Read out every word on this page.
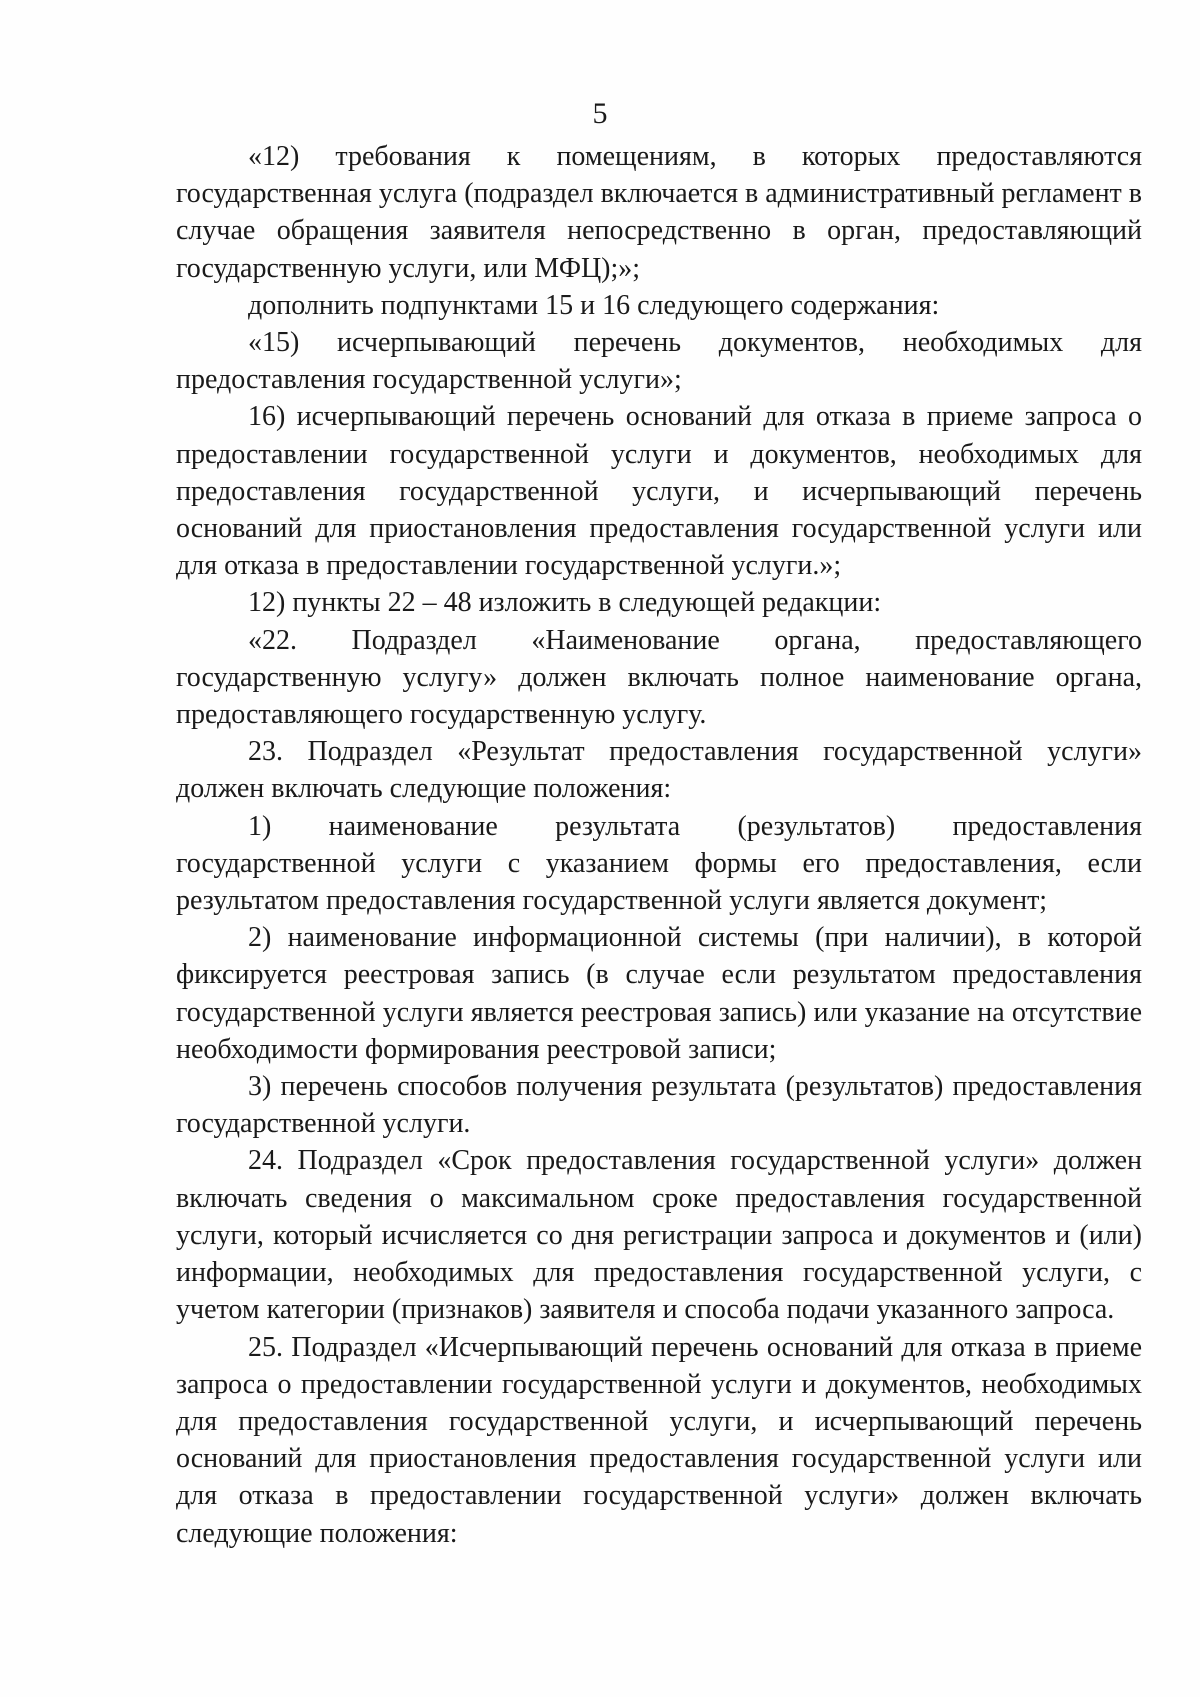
5

«12) требования к помещениям, в которых предоставляются государственная услуга (подраздел включается в административный регламент в случае обращения заявителя непосредственно в орган, предоставляющий государственную услуги, или МФЦ);»;

дополнить подпунктами 15 и 16 следующего содержания:

«15) исчерпывающий перечень документов, необходимых для предоставления государственной услуги»;

16) исчерпывающий перечень оснований для отказа в приеме запроса о предоставлении государственной услуги и документов, необходимых для предоставления государственной услуги, и исчерпывающий перечень оснований для приостановления предоставления государственной услуги или для отказа в предоставлении государственной услуги.»;

12) пункты 22 – 48 изложить в следующей редакции:

«22. Подраздел «Наименование органа, предоставляющего государственную услугу» должен включать полное наименование органа, предоставляющего государственную услугу.

23. Подраздел «Результат предоставления государственной услуги» должен включать следующие положения:

1) наименование результата (результатов) предоставления государственной услуги с указанием формы его предоставления, если результатом предоставления государственной услуги является документ;

2) наименование информационной системы (при наличии), в которой фиксируется реестровая запись (в случае если результатом предоставления государственной услуги является реестровая запись) или указание на отсутствие необходимости формирования реестровой записи;

3) перечень способов получения результата (результатов) предоставления государственной услуги.

24. Подраздел «Срок предоставления государственной услуги» должен включать сведения о максимальном сроке предоставления государственной услуги, который исчисляется со дня регистрации запроса и документов и (или) информации, необходимых для предоставления государственной услуги, с учетом категории (признаков) заявителя и способа подачи указанного запроса.

25. Подраздел «Исчерпывающий перечень оснований для отказа в приеме запроса о предоставлении государственной услуги и документов, необходимых для предоставления государственной услуги, и исчерпывающий перечень оснований для приостановления предоставления государственной услуги или для отказа в предоставлении государственной услуги» должен включать следующие положения:
